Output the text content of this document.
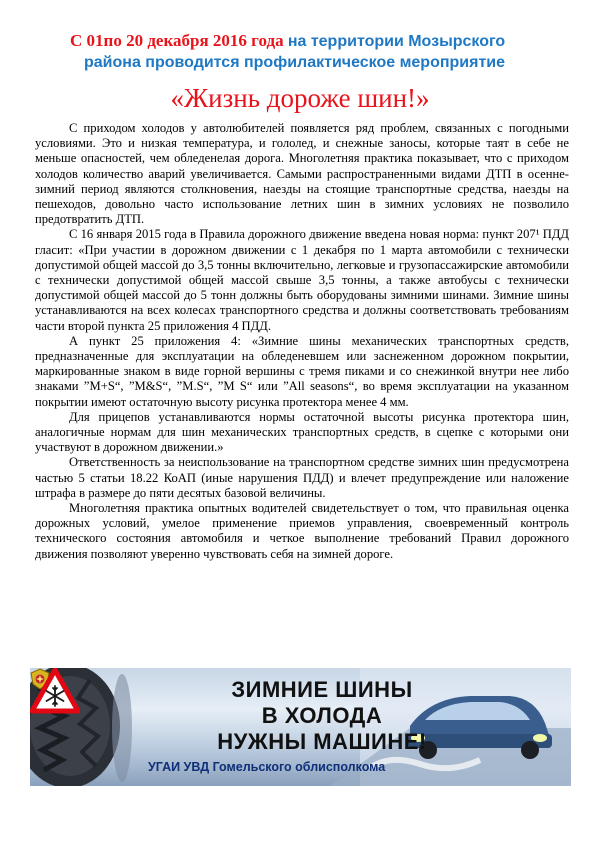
С 01по 20 декабря 2016 года на территории Мозырского
района проводится профилактическое мероприятие
«Жизнь дороже шин!»

С приходом холодов у автолюбителей появляется ряд проблем, связанных с погодными условиями. Это и низкая температура, и гололед, и снежные заносы, которые таят в себе не меньше опасностей, чем обледенелая дорога. Многолетняя практика показывает, что с приходом холодов количество аварий увеличивается. Самыми распространенными видами ДТП в осенне-зимний период являются столкновения, наезды на стоящие транспортные средства, наезды на пешеходов, довольно часто использование летних шин в зимних условиях не позволило предотвратить ДТП.

С 16 января 2015 года в Правила дорожного движение введена новая норма: пункт 207¹ ПДД гласит: «При участии в дорожном движении с 1 декабря по 1 марта автомобили с технически допустимой общей массой до 3,5 тонны включительно, легковые и грузопассажирские автомобили с технически допустимой общей массой свыше 3,5 тонны, а также автобусы с технически допустимой общей массой до 5 тонн должны быть оборудованы зимними шинами. Зимние шины устанавливаются на всех колесах транспортного средства и должны соответствовать требованиям части второй пункта 25 приложения 4 ПДД.

А пункт 25 приложения 4: «Зимние шины механических транспортных средств, предназначенные для эксплуатации на обледеневшем или заснеженном дорожном покрытии, маркированные знаком в виде горной вершины с тремя пиками и со снежинкой внутри нее либо знаками ”M+S“, ”M&S“, ”M.S“, ”M S“ или ”All seasons“, во время эксплуатации на указанном покрытии имеют остаточную высоту рисунка протектора менее 4 мм.

Для прицепов устанавливаются нормы остаточной высоты рисунка протектора шин, аналогичные нормам для шин механических транспортных средств, в сцепке с которыми они участвуют в дорожном движении.»

Ответственность за неиспользование на транспортном средстве зимних шин предусмотрена частью 5 статьи 18.22 КоАП (иные нарушения ПДД) и влечет предупреждение или наложение штрафа в размере до пяти десятых базовой величины.

Многолетняя практика опытных водителей свидетельствует о том, что правильная оценка дорожных условий, умелое применение приемов управления, своевременный контроль технического состояния автомобиля и четкое выполнение требований Правил дорожного движения позволяют уверенно чувствовать себя на зимней дороге.

ЗИМНИЕ ШИНЫ
В ХОЛОДА
НУЖНЫ МАШИНЕ!
УГАИ УВД Гомельского облисполкома
